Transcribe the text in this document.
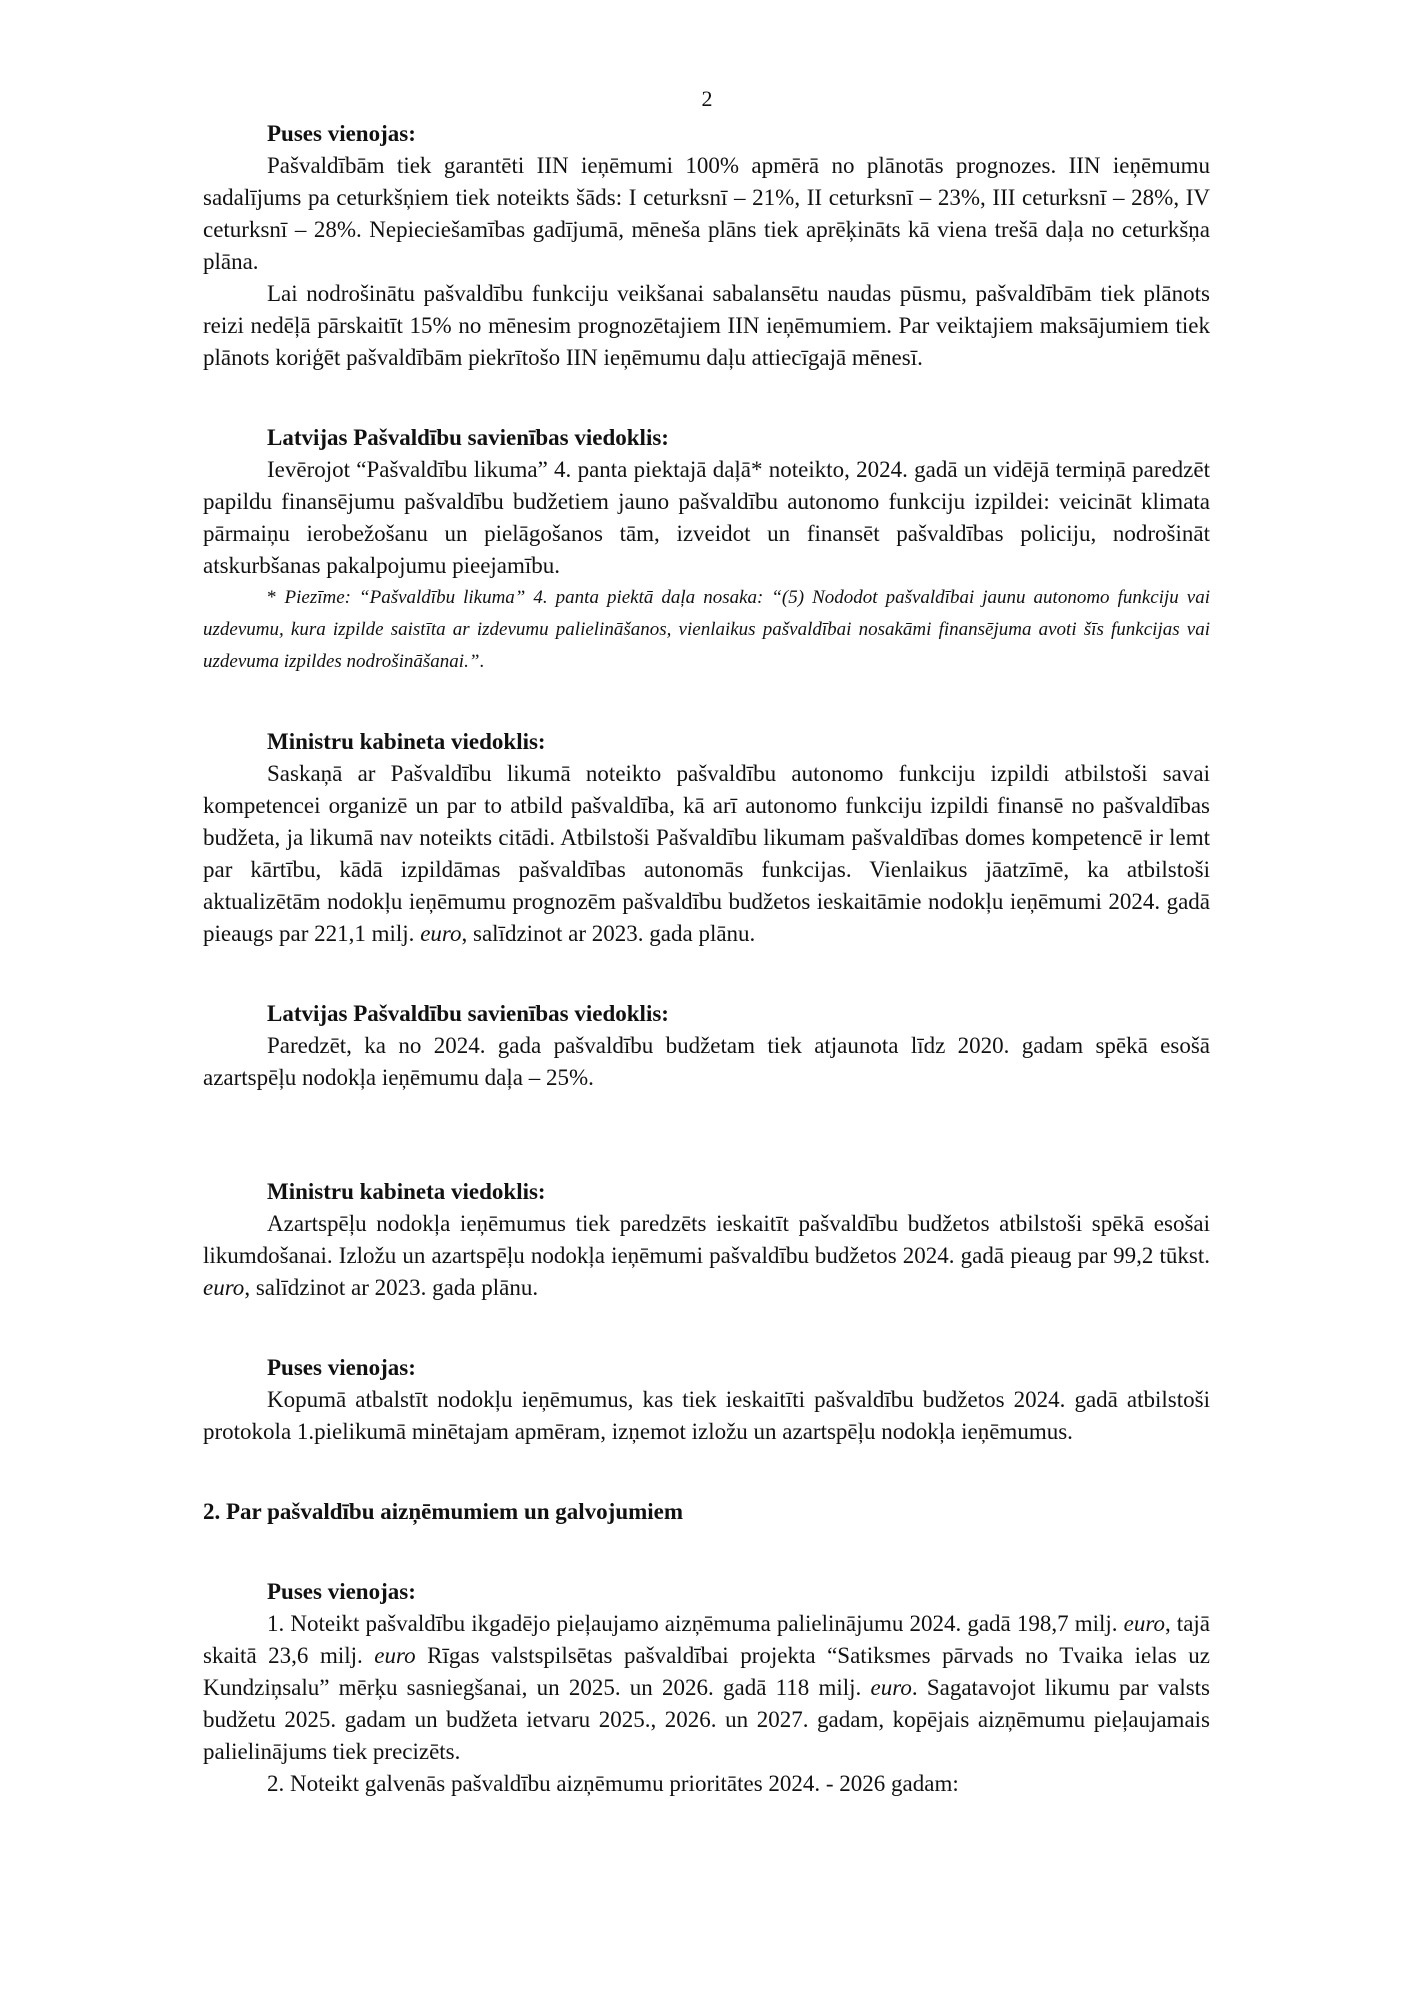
2

Puses vienojas:

Pašvaldībām tiek garantēti IIN ieņēmumi 100% apmērā no plānotās prognozes. IIN ieņēmumu sadalījums pa ceturkšņiem tiek noteikts šāds: I ceturksnī – 21%, II ceturksnī – 23%, III ceturksnī – 28%, IV ceturksnī – 28%. Nepieciešamības gadījumā, mēneša plāns tiek aprēķināts kā viena trešā daļa no ceturkšņa plāna.

Lai nodrošinātu pašvaldību funkciju veikšanai sabalansētu naudas pūsmu, pašvaldībām tiek plānots reizi nedēļā pārskaitīt 15% no mēnesim prognozētajiem IIN ieņēmumiem. Par veiktajiem maksājumiem tiek plānots koriģēt pašvaldībām piekrītošo IIN ieņēmumu daļu attiecīgajā mēnesī.

Latvijas Pašvaldību savienības viedoklis:

Ievērojot “Pašvaldību likuma” 4. panta piektajā daļā* noteikto, 2024. gadā un vidējā termiņā paredzēt papildu finansējumu pašvaldību budžetiem jauno pašvaldību autonomo funkciju izpildei: veicināt klimata pārmaiņu ierobežošanu un pielāgošanos tām, izveidot un finansēt pašvaldības policiju, nodrošināt atskurbšanas pakalpojumu pieejamību.

* Piezīme: “Pašvaldību likuma” 4. panta piektā daļa nosaka: “(5) Nododot pašvaldībai jaunu autonomo funkciju vai uzdevumu, kura izpilde saistīta ar izdevumu palielināšanos, vienlaikus pašvaldībai nosakāmi finansējuma avoti šīs funkcijas vai uzdevuma izpildes nodrošināšanai.”.

Ministru kabineta viedoklis:

Saskaņā ar Pašvaldību likumā noteikto pašvaldību autonomo funkciju izpildi atbilstoši savai kompetencei organizē un par to atbild pašvaldība, kā arī autonomo funkciju izpildi finansē no pašvaldības budžeta, ja likumā nav noteikts citādi. Atbilstoši Pašvaldību likumam pašvaldības domes kompetencē ir lemt par kārtību, kādā izpildāmas pašvaldības autonomās funkcijas. Vienlaikus jāatzīmē, ka atbilstoši aktualizētām nodokļu ieņēmumu prognozēm pašvaldību budžetos ieskaitāmie nodokļu ieņēmumi 2024. gadā pieaugs par 221,1 milj. euro, salīdzinot ar 2023. gada plānu.

Latvijas Pašvaldību savienības viedoklis:

Paredzēt, ka no 2024. gada pašvaldību budžetam tiek atjaunota līdz 2020. gadam spēkā esošā azartspēļu nodokļa ieņēmumu daļa – 25%.

Ministru kabineta viedoklis:

Azartspēļu nodokļa ieņēmumus tiek paredzēts ieskaitīt pašvaldību budžetos atbilstoši spēkā esošai likumdošanai. Izložu un azartspēļu nodokļa ieņēmumi pašvaldību budžetos 2024. gadā pieaug par 99,2 tūkst. euro, salīdzinot ar 2023. gada plānu.

Puses vienojas:

Kopumā atbalstīt nodokļu ieņēmumus, kas tiek ieskaitīti pašvaldību budžetos 2024. gadā atbilstoši protokola 1.pielikumā minētajam apmēram, izņemot izložu un azartspēļu nodokļa ieņēmumus.

2. Par pašvaldību aizņēmumiem un galvojumiem

Puses vienojas:

1. Noteikt pašvaldību ikgadējo pieļaujamo aizņēmuma palielinājumu 2024. gadā 198,7 milj. euro, tajā skaitā 23,6 milj. euro Rīgas valstspilsētas pašvaldībai projekta “Satiksmes pārvads no Tvaika ielas uz Kundziņsalu” mērķu sasniegšanai, un 2025. un 2026. gadā 118 milj. euro. Sagatavojot likumu par valsts budžetu 2025. gadam un budžeta ietvaru 2025., 2026. un 2027. gadam, kopējais aizņēmumu pieļaujamais palielinājums tiek precizēts.

2. Noteikt galvenās pašvaldību aizņēmumu prioritātes 2024. - 2026 gadam:
